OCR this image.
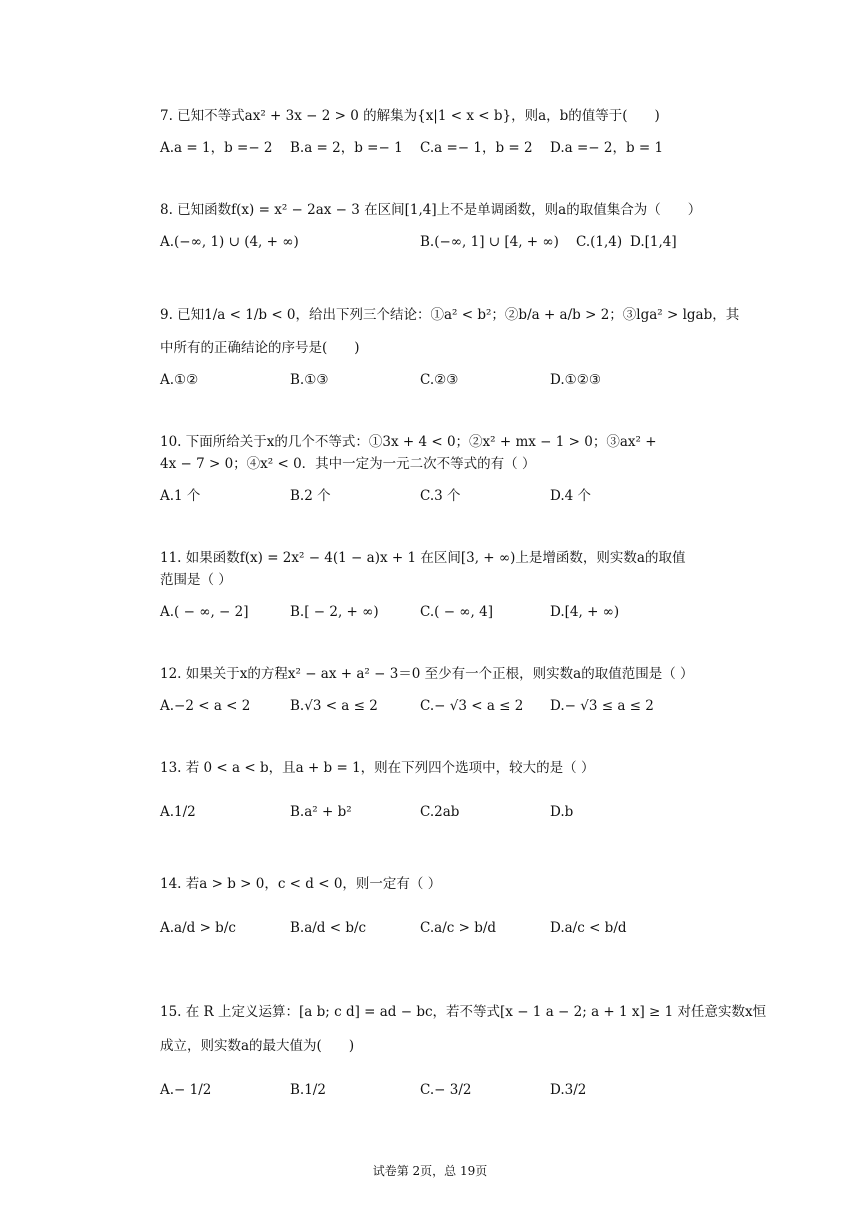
7. 已知不等式ax² + 3x − 2 > 0 的解集为{x|1 < x < b}，则a，b的值等于(　　)
A.a = 1，b =− 2 B.a = 2，b =− 1 C.a =− 1，b = 2 D.a =− 2，b = 1
8. 已知函数f(x) = x² − 2ax − 3 在区间[1,4]上不是单调函数，则a的取值集合为（　　）
A.(−∞, 1) ∪ (4, + ∞)	B.(−∞, 1] ∪ [4, + ∞) C.(1,4) D.[1,4]
9. 已知1/a < 1/b < 0，给出下列三个结论：①a² < b²；②b/a + a/b > 2；③lga² > lgab，其
中所有的正确结论的序号是(　　)
A.①②	B.①③	C.②③	D.①②③
10. 下面所给关于x的几个不等式：①3x + 4 < 0；②x² + mx − 1 > 0；③ax² +
4x − 7 > 0；④x² < 0．其中一定为一元二次不等式的有（ ）
A.1 个	B.2 个	C.3 个	D.4 个
11. 如果函数f(x) = 2x² − 4(1 − a)x + 1 在区间[3, + ∞)上是增函数，则实数a的取值
范围是（ ）
A.( − ∞, − 2]	B.[ − 2, + ∞)	C.( − ∞, 4]	D.[4, + ∞)
12. 如果关于x的方程x² − ax + a² − 3＝0 至少有一个正根，则实数a的取值范围是（ ）
A.−2 < a < 2	B.√3 < a ≤ 2	C.− √3 < a ≤ 2 D.− √3 ≤ a ≤ 2
13. 若 0 < a < b，且a + b = 1，则在下列四个选项中，较大的是（ ）
A.1/2	B.a² + b²	C.2ab	D.b
14. 若a > b > 0，c < d < 0，则一定有（ ）
A.a/d > b/c	B.a/d < b/c	C.a/c > b/d	D.a/c < b/d
15. 在 R 上定义运算：[a b; c d] = ad − bc，若不等式[x − 1 a − 2; a + 1 x] ≥ 1 对任意实数x恒
成立，则实数a的最大值为(　　)
A.− 1/2	B.1/2	C.− 3/2	D.3/2
试卷第 2页，总 19页
